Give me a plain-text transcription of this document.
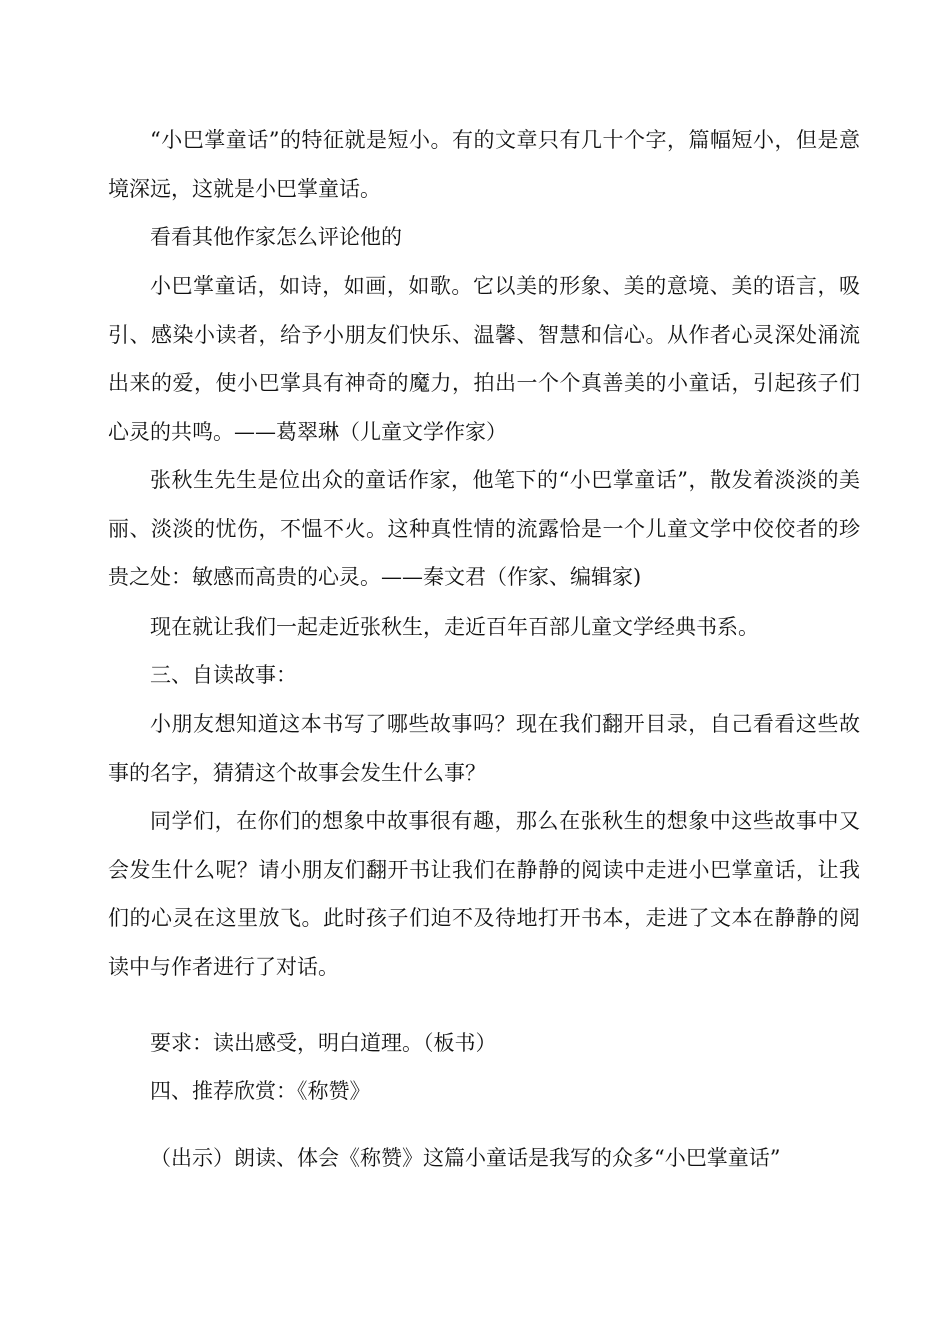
“小巴掌童话”的特征就是短小。有的文章只有几十个字，篇幅短小，但是意境深远，这就是小巴掌童话。

看看其他作家怎么评论他的

小巴掌童话，如诗，如画，如歌。它以美的形象、美的意境、美的语言，吸引、感染小读者，给予小朋友们快乐、温馨、智慧和信心。从作者心灵深处涌流出来的爱，使小巴掌具有神奇的魔力，拍出一个个真善美的小童话，引起孩子们心灵的共鸣。——葛翠琳（儿童文学作家）

张秋生先生是位出众的童话作家，他笔下的“小巴掌童话”，散发着淡淡的美丽、淡淡的忧伤，不愠不火。这种真性情的流露恰是一个儿童文学中佼佼者的珍贵之处：敏感而高贵的心灵。——秦文君（作家、编辑家)

现在就让我们一起走近张秋生，走近百年百部儿童文学经典书系。

三、自读故事：

小朋友想知道这本书写了哪些故事吗？现在我们翻开目录，自己看看这些故事的名字，猜猜这个故事会发生什么事？

同学们，在你们的想象中故事很有趣，那么在张秋生的想象中这些故事中又会发生什么呢？请小朋友们翻开书让我们在静静的阅读中走进小巴掌童话，让我们的心灵在这里放飞。此时孩子们迫不及待地打开书本，走进了文本在静静的阅读中与作者进行了对话。

要求：读出感受，明白道理。（板书）

四、推荐欣赏：《称赞》

（出示）朗读、体会《称赞》这篇小童话是我写的众多“小巴掌童话”
